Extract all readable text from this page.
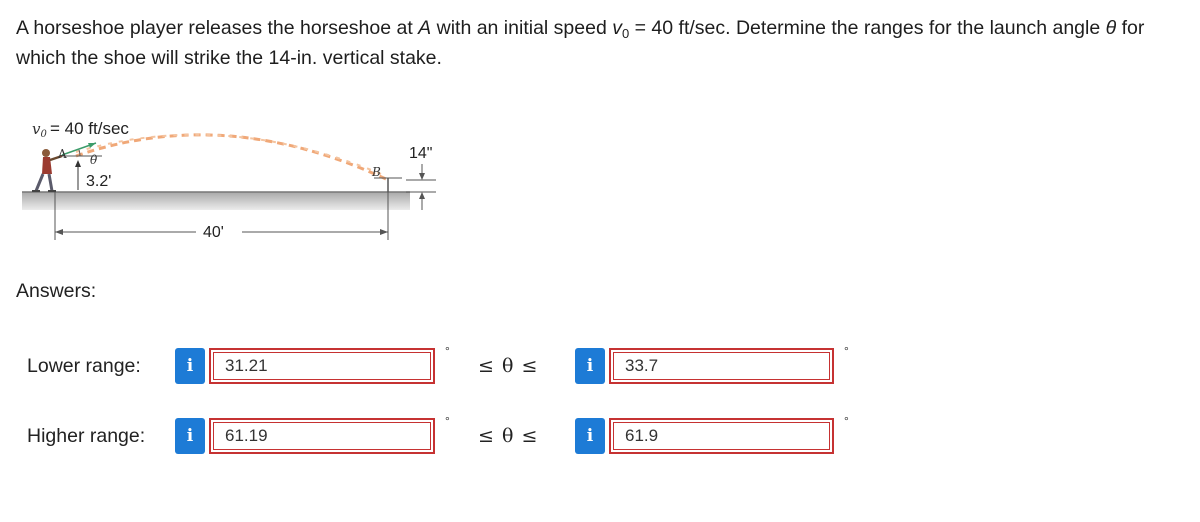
A horseshoe player releases the horseshoe at A with an initial speed $v_0 = 40$ ft/sec. Determine the ranges for the launch angle θ for which the shoe will strike the 14-in. vertical stake.
$v_0 = 40$ ft/sec
A θ
3.2'
40'
14"
B
Answers:
Lower range:	i	31.21
°
≤ θ ≤	i	33.7
°
Higher range:	i	61.19
°
≤ θ ≤	i	61.9
°
